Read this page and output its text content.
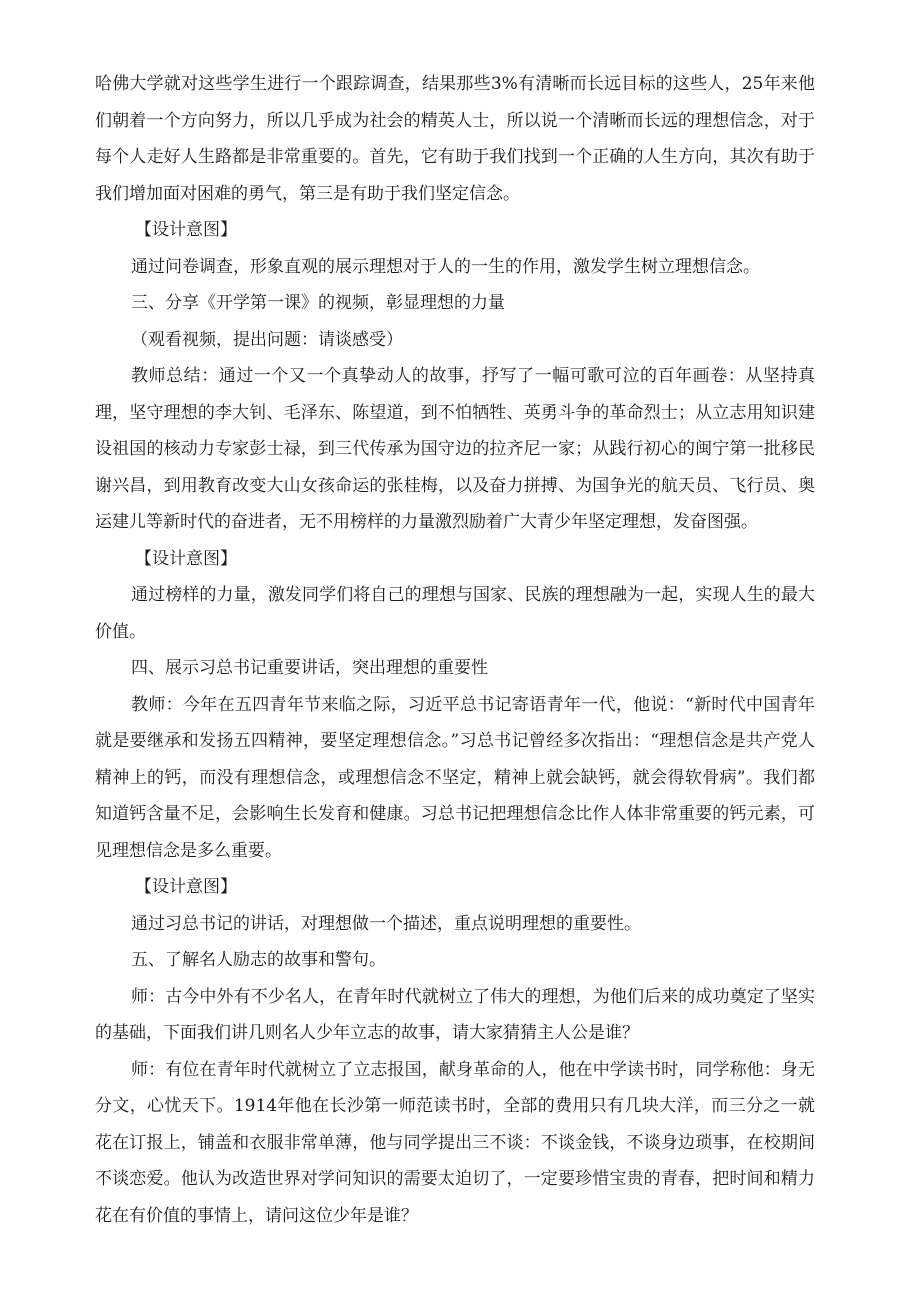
哈佛大学就对这些学生进行一个跟踪调查，结果那些3%有清晰而长远目标的这些人，25年来他们朝着一个方向努力，所以几乎成为社会的精英人士，所以说一个清晰而长远的理想信念，对于每个人走好人生路都是非常重要的。首先，它有助于我们找到一个正确的人生方向，其次有助于我们增加面对困难的勇气，第三是有助于我们坚定信念。

【设计意图】

通过问卷调查，形象直观的展示理想对于人的一生的作用，激发学生树立理想信念。

三、分享《开学第一课》的视频，彰显理想的力量

（观看视频，提出问题：请谈感受）

教师总结：通过一个又一个真挚动人的故事，抒写了一幅可歌可泣的百年画卷：从坚持真理，坚守理想的李大钊、毛泽东、陈望道，到不怕牺牲、英勇斗争的革命烈士；从立志用知识建设祖国的核动力专家彭士禄，到三代传承为国守边的拉齐尼一家；从践行初心的闽宁第一批移民谢兴昌，到用教育改变大山女孩命运的张桂梅，以及奋力拼搏、为国争光的航天员、飞行员、奥运建儿等新时代的奋进者，无不用榜样的力量激烈励着广大青少年坚定理想，发奋图强。

【设计意图】

通过榜样的力量，激发同学们将自己的理想与国家、民族的理想融为一起，实现人生的最大价值。

四、展示习总书记重要讲话，突出理想的重要性

教师：今年在五四青年节来临之际，习近平总书记寄语青年一代，他说：“新时代中国青年就是要继承和发扬五四精神，要坚定理想信念。”习总书记曾经多次指出：“理想信念是共产党人精神上的钙，而没有理想信念，或理想信念不坚定，精神上就会缺钙，就会得软骨病”。我们都知道钙含量不足，会影响生长发育和健康。习总书记把理想信念比作人体非常重要的钙元素，可见理想信念是多么重要。

【设计意图】

通过习总书记的讲话，对理想做一个描述，重点说明理想的重要性。

五、了解名人励志的故事和警句。

师：古今中外有不少名人，在青年时代就树立了伟大的理想，为他们后来的成功奠定了坚实的基础，下面我们讲几则名人少年立志的故事，请大家猜猜主人公是谁？

师：有位在青年时代就树立了立志报国，献身革命的人，他在中学读书时，同学称他：身无分文，心忧天下。1914年他在长沙第一师范读书时，全部的费用只有几块大洋，而三分之一就花在订报上，铺盖和衣服非常单薄，他与同学提出三不谈：不谈金钱，不谈身边琐事，在校期间不谈恋爱。他认为改造世界对学问知识的需要太迫切了，一定要珍惜宝贵的青春，把时间和精力花在有价值的事情上，请问这位少年是谁？
